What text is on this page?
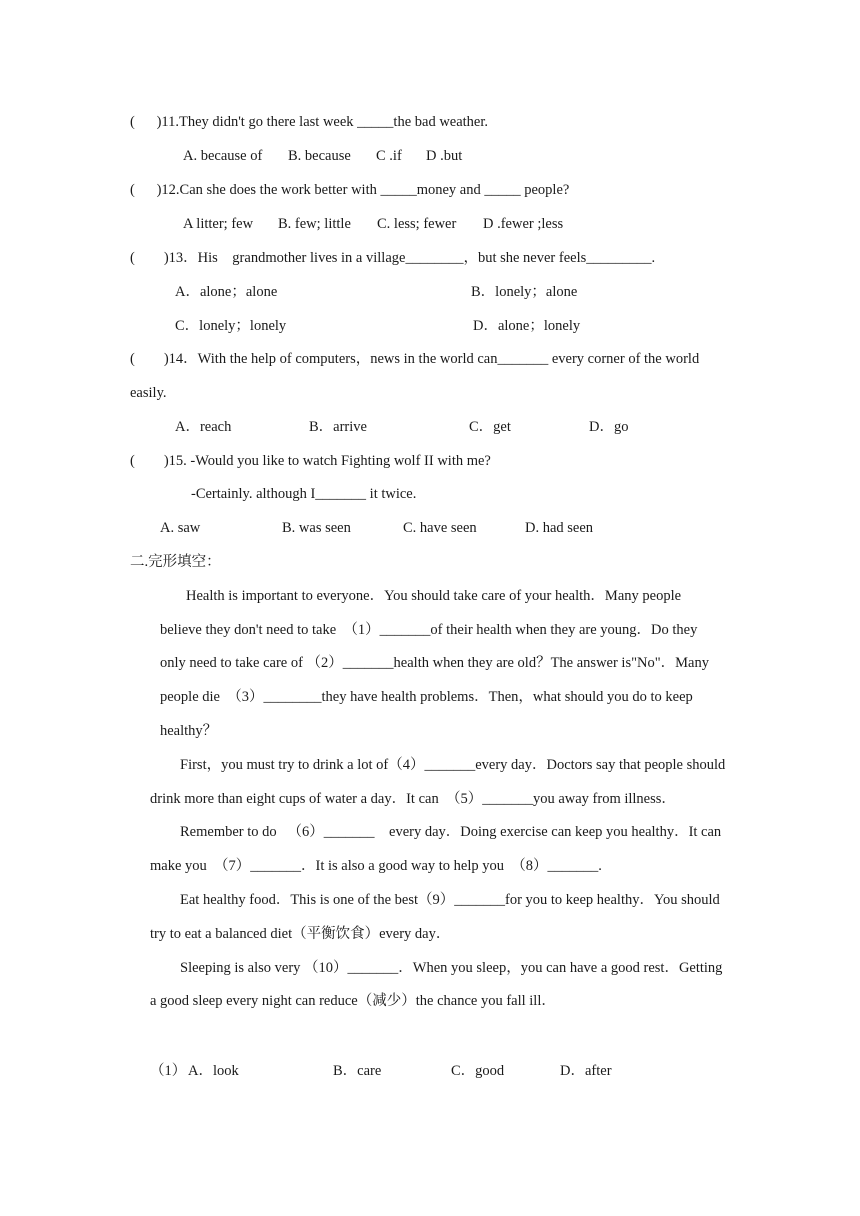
(      )11.They didn't go there last week _____the bad weather.
A. because of B. because C .if D .but
(      )12.Can she does the work better with _____money and _____ people?
A litter; few B. few; little C. less; fewer D .fewer ;less
(        )13．His    grandmother lives in a village________，but she never feels_________.
A．alone；alone	B．lonely；alone
C．lonely；lonely	D．alone；lonely
(        )14．With the help of computers，news in the world can_______ every corner of the world
easily.
A．reach	B．arrive	C．get	D．go
(        )15. -Would you like to watch Fighting wolf II with me?
-Certainly. although I_______ it twice.
A. saw	B. was seen	C. have seen	D. had seen
二.完形填空：
Health is important to everyone．You should take care of your health．Many people
believe they don't need to take  （1）_______of their health when they are young．Do they
only need to take care of （2）_______health when they are old？The answer is"No"．Many
people die  （3）________they have health problems．Then，what should you do to keep
healthy？
First，you must try to drink a lot of（4）_______every day．Doctors say that people should
drink more than eight cups of water a day．It can  （5）_______you away from illness．
Remember to do   （6）_______    every day．Doing exercise can keep you healthy．It can
make you  （7）_______．It is also a good way to help you  （8）_______.
Eat healthy food．This is one of the best（9）_______for you to keep healthy．You should
try to eat a balanced diet（平衡饮食）every day．
Sleeping is also very （10）_______．When you sleep，you can have a good rest．Getting
a good sleep every night can reduce（减少）the chance you fall ill．
（1） A．look	B．care	C．good	D．after
